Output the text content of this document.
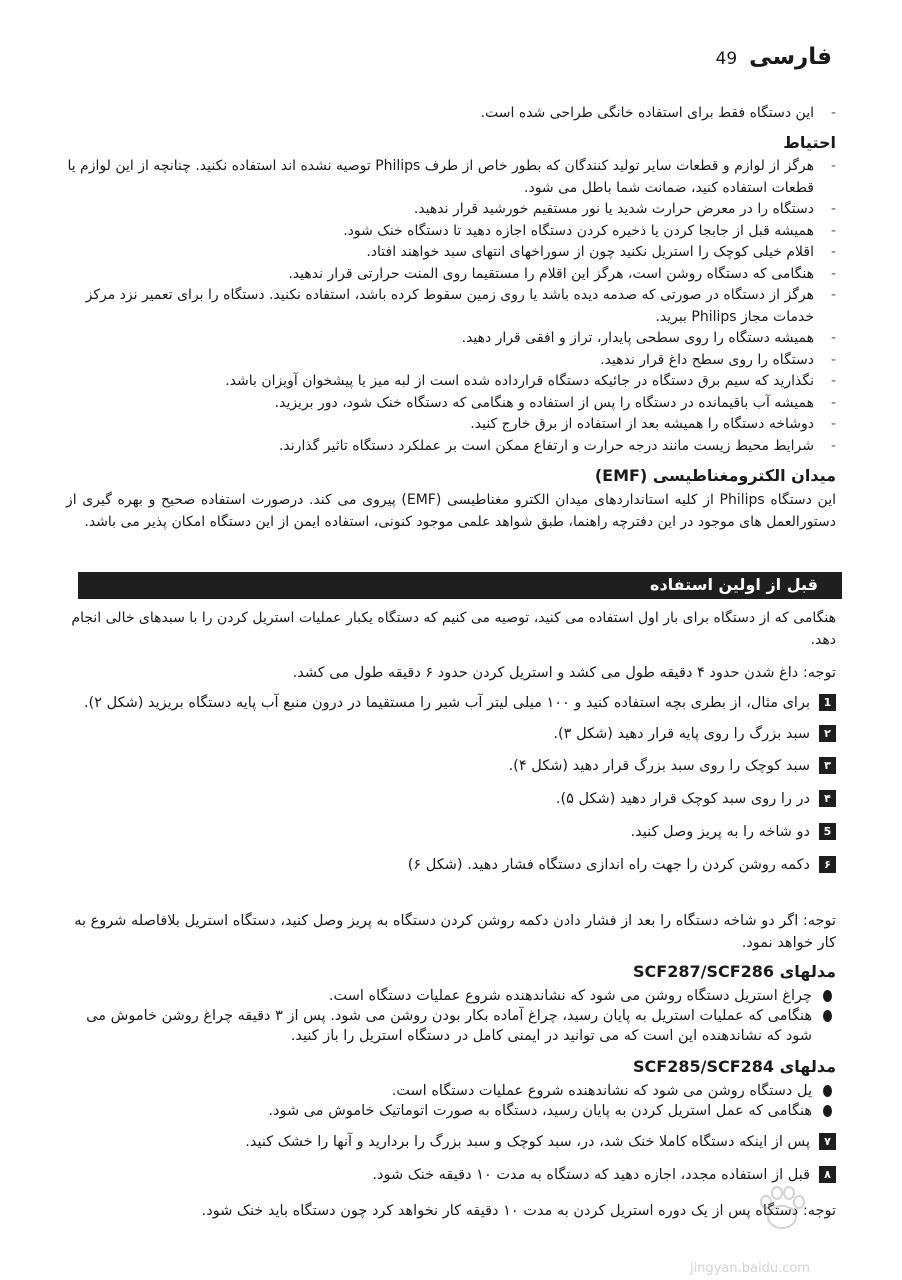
49 فارسی
- این دستگاه فقط برای استفاده خانگی طراحی شده است.
احتیاط
- هرگز از لوازم و قطعات سایر تولید کنندگان که بطور خاص از طرف Philips توصیه نشده اند استفاده نکنید. چنانچه از این لوازم یا قطعات استفاده کنید، ضمانت شما باطل می شود.
- دستگاه را در معرض حرارت شدید یا نور مستقیم خورشید قرار ندهید.
- همیشه قبل از جابجا کردن یا ذخیره کردن دستگاه اجازه دهید تا دستگاه خنک شود.
- اقلام خیلی کوچک را استریل نکنید چون از سوراخهای انتهای سبد خواهند افتاد.
- هنگامی که دستگاه روشن است، هرگز این اقلام را مستقیما روی المنت حرارتی قرار ندهید.
- هرگز از دستگاه در صورتی که صدمه دیده باشد یا روی زمین سقوط کرده باشد، استفاده نکنید. دستگاه را برای تعمیر نزد مرکز خدمات مجاز Philips ببرید.
- همیشه دستگاه را روی سطحی پایدار، تراز و افقی قرار دهید.
- دستگاه را روی سطح داغ قرار ندهید.
- نگذارید که سیم برق دستگاه در جائیکه دستگاه قرارداده شده است از لبه میز یا پیشخوان آویزان باشد.
- همیشه آب باقیمانده در دستگاه را پس از استفاده و هنگامی که دستگاه خنک شود، دور بریزید.
- دوشاخه دستگاه را همیشه بعد از استفاده از برق خارج کنید.
- شرایط محیط زیست مانند درجه حرارت و ارتفاع ممکن است بر عملکرد دستگاه تاثیر گذارند.
میدان الکترومغناطیسی (EMF)

این دستگاه Philips از کلیه استانداردهای میدان الکترو مغناطیسی (EMF) پیروی می کند. درصورت استفاده صحیح و بهره گیری از دستورالعمل های موجود در این دفترچه راهنما، طبق شواهد علمی موجود کنونی، استفاده ایمن از این دستگاه امکان پذیر می باشد.

قبل از اولین استفاده

هنگامی که از دستگاه برای بار اول استفاده می کنید، توصیه می کنیم که دستگاه یکبار عملیات استریل کردن را با سبدهای خالی انجام دهد.

توجه: داغ شدن حدود ۴ دقیقه طول می کشد و استریل کردن حدود ۶ دقیقه طول می کشد.

1
برای مثال، از بطری بچه استفاده کنید و ۱۰۰ میلی لیتر آب شیر را مستقیما در درون منبع آب پایه دستگاه بریزید (شکل ۲).
۲
سبد بزرگ را روی پایه قرار دهید (شکل ۳).
۳
سبد کوچک را روی سبد بزرگ قرار دهید (شکل ۴).
۴
در را روی سبد کوچک قرار دهید (شکل ۵).
5
دو شاخه را به پریز وصل کنید.
۶
دکمه روشن کردن را جهت راه اندازی دستگاه فشار دهید. (شکل ۶)

توجه: اگر دو شاخه دستگاه را بعد از فشار دادن دکمه روشن کردن دستگاه به پریز وصل کنید، دستگاه استریل بلافاصله شروع به کار خواهد نمود.

مدلهای SCF287/SCF286
چراغ استریل دستگاه روشن می شود که نشاندهنده شروع عملیات دستگاه است.
هنگامی که عملیات استریل به پایان رسید، چراغ آماده بکار بودن روشن می شود. پس از ۳ دقیقه چراغ روشن خاموش می شود که نشاندهنده این است که می توانید در ایمنی کامل در دستگاه استریل را باز کنید.
مدلهای SCF285/SCF284
یل دستگاه روشن می شود که نشاندهنده شروع عملیات دستگاه است.
هنگامی که عمل استریل کردن به پایان رسید، دستگاه به صورت اتوماتیک خاموش می شود.
۷
پس از اینکه دستگاه کاملا خنک شد، در، سبد کوچک و سبد بزرگ را بردارید و آنها را خشک کنید.
۸
قبل از استفاده مجدد، اجازه دهید که دستگاه به مدت ۱۰ دقیقه خنک شود.

توجه: دستگاه پس از یک دوره استریل کردن به مدت ۱۰ دقیقه کار نخواهد کرد چون دستگاه باید خنک شود.

jingyan.baidu.com
